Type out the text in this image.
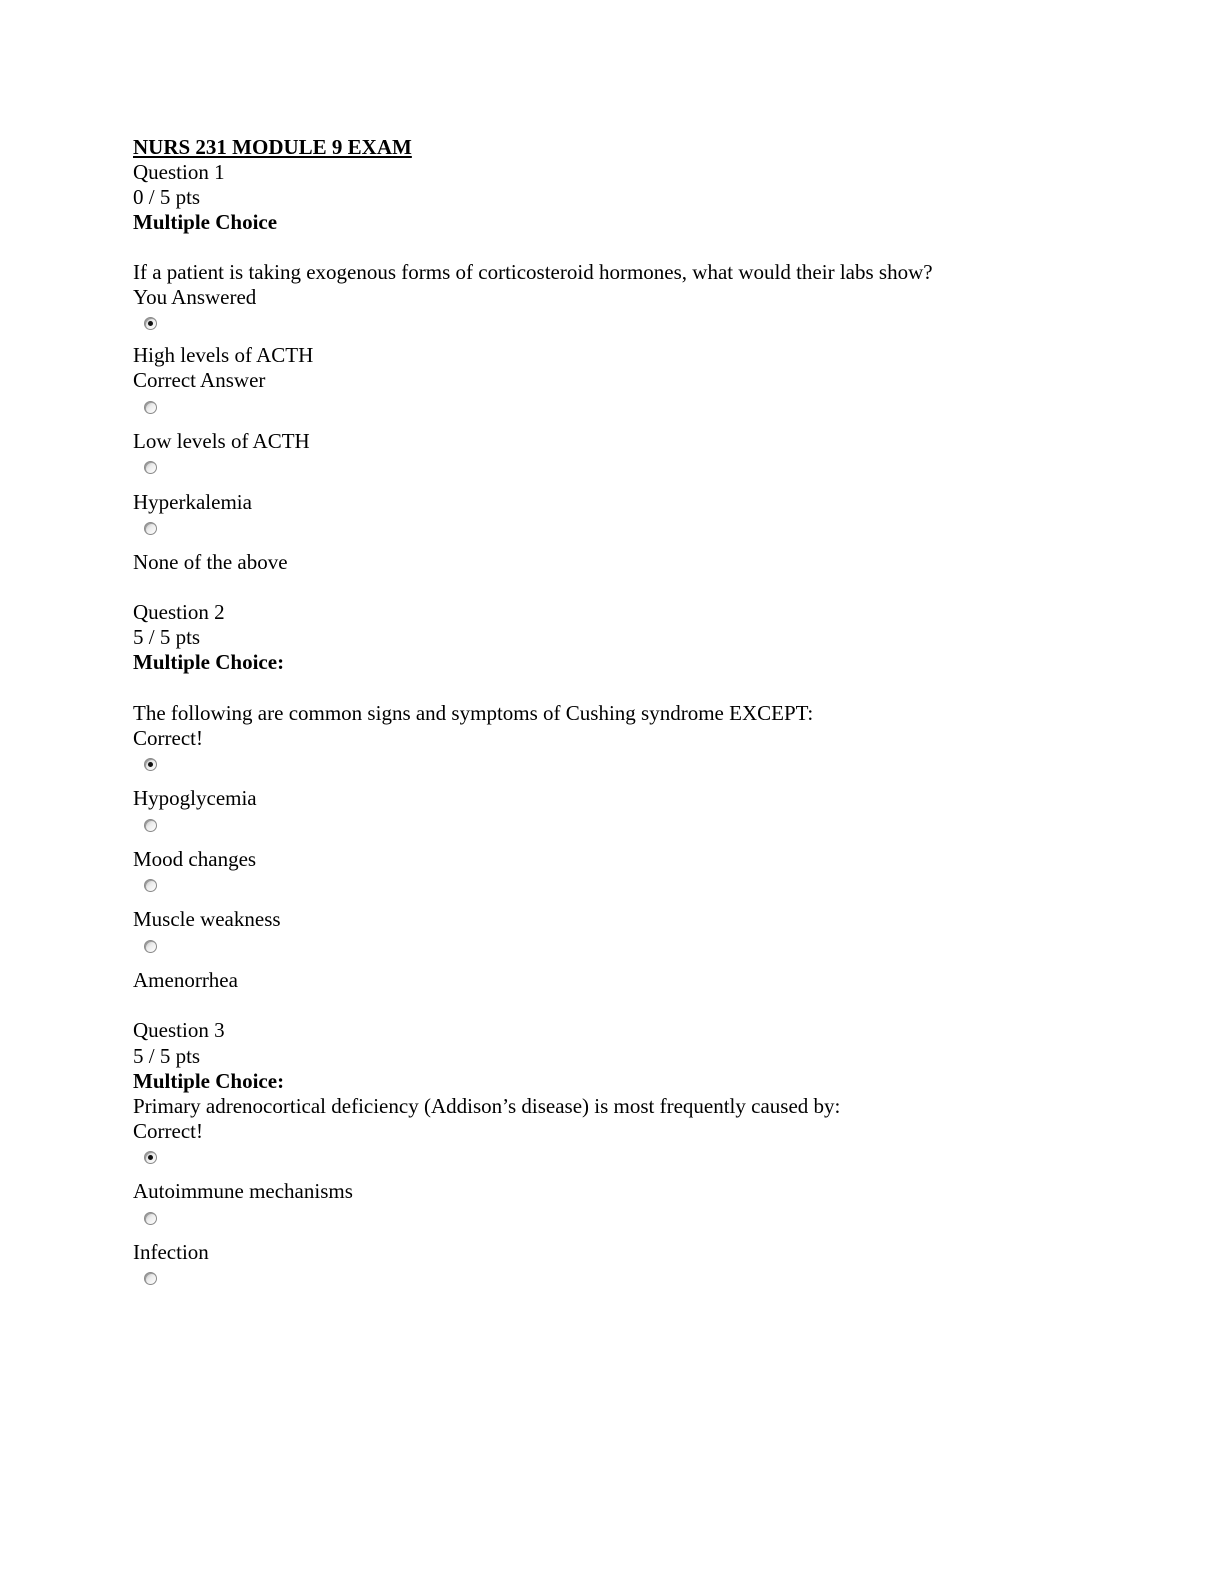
NURS 231 MODULE 9 EXAM
Question 1
0 / 5 pts
Multiple Choice
If a patient is taking exogenous forms of corticosteroid hormones, what would their labs show?
You Answered
High levels of ACTH
Correct Answer
Low levels of ACTH
Hyperkalemia
None of the above
Question 2
5 / 5 pts
Multiple Choice:
The following are common signs and symptoms of Cushing syndrome EXCEPT:
Correct!
Hypoglycemia
Mood changes
Muscle weakness
Amenorrhea
Question 3
5 / 5 pts
Multiple Choice:
Primary adrenocortical deficiency (Addison’s disease) is most frequently caused by:
Correct!
Autoimmune mechanisms
Infection
